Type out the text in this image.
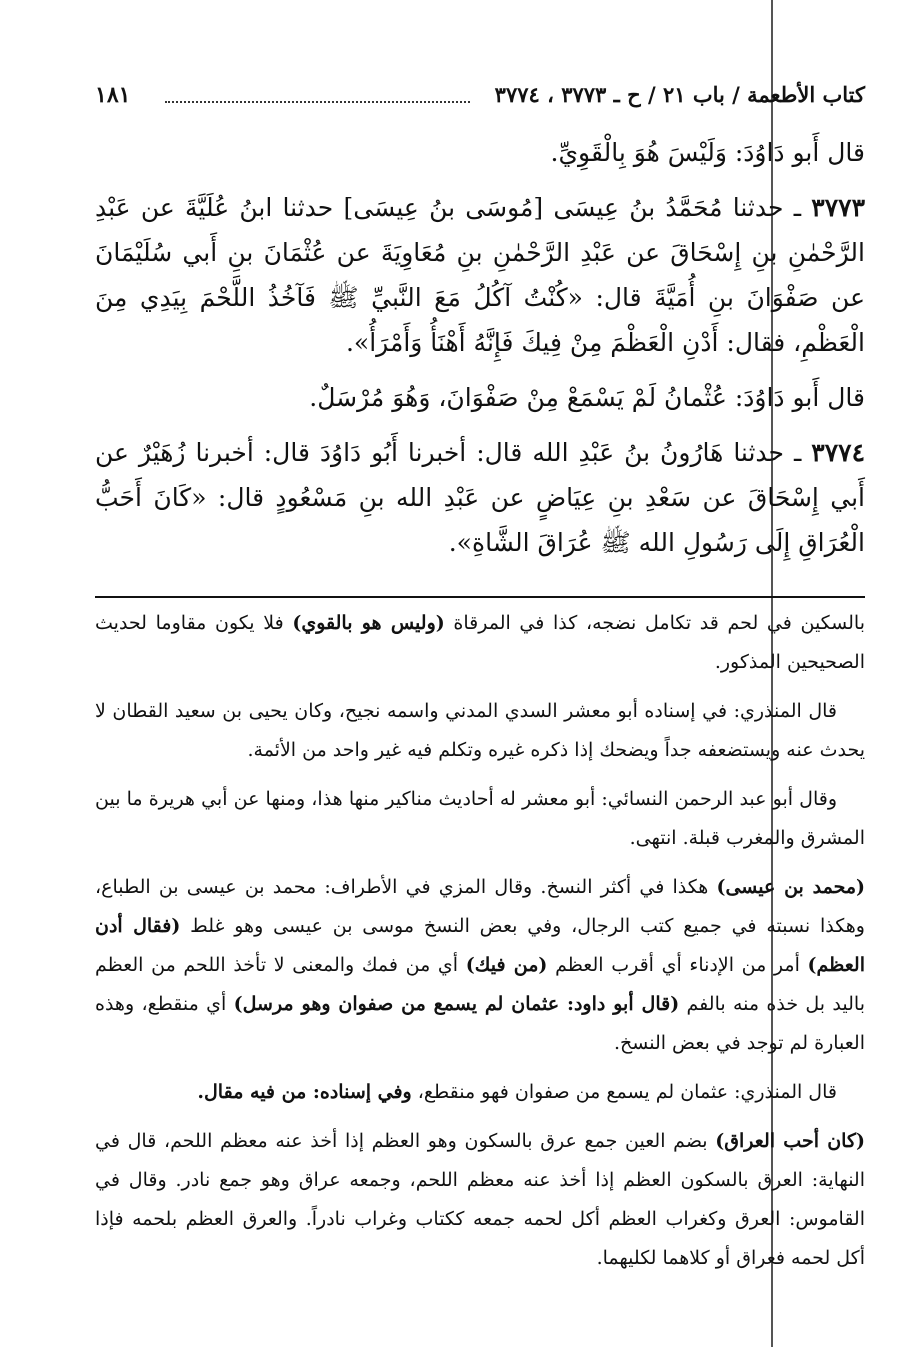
كتاب الأطعمة / باب ٢١ / ح ـ ٣٧٧٣ ، ٣٧٧٤
١٨١

قال أَبو دَاوُدَ: وَلَيْسَ هُوَ بِالْقَوِيِّ.

٣٧٧٣ ـ حدثنا مُحَمَّدُ بنُ عِيسَى [مُوسَى بنُ عِيسَى] حدثنا ابنُ عُلَيَّةَ عن عَبْدِ الرَّحْمٰنِ بنِ إِسْحَاقَ عن عَبْدِ الرَّحْمٰنِ بنِ مُعَاوِيَةَ عن عُثْمَانَ بنِ أَبي سُلَيْمَانَ عن صَفْوَانَ بنِ أُمَيَّةَ قال: «كُنْتُ آكُلُ مَعَ النَّبيِّ ﷺ فَآخُذُ اللَّحْمَ بِيَدِي مِنَ الْعَظْمِ، فقال: أَدْنِ الْعَظْمَ مِنْ فِيكَ فَإِنَّهُ أَهْنَأُ وَأَمْرَأُ».

قال أَبو دَاوُدَ: عُثْمانُ لَمْ يَسْمَعْ مِنْ صَفْوَانَ، وَهُوَ مُرْسَلٌ.

٣٧٧٤ ـ حدثنا هَارُونُ بنُ عَبْدِ الله قال: أخبرنا أَبُو دَاوُدَ قال: أخبرنا زُهَيْرٌ عن أَبي إِسْحَاقَ عن سَعْدِ بنِ عِيَاضٍ عن عَبْدِ الله بنِ مَسْعُودٍ قال: «كَانَ أَحَبُّ الْعُرَاقِ إِلَى رَسُولِ الله ﷺ عُرَاقَ الشَّاةِ».

بالسكين في لحم قد تكامل نضجه، كذا في المرقاة (وليس هو بالقوي) فلا يكون مقاوما لحديث الصحيحين المذكور.

قال المنذري: في إسناده أبو معشر السدي المدني واسمه نجيح، وكان يحيى بن سعيد القطان لا يحدث عنه ويستضعفه جداً ويضحك إذا ذكره غيره وتكلم فيه غير واحد من الأئمة.

وقال أبو عبد الرحمن النسائي: أبو معشر له أحاديث مناكير منها هذا، ومنها عن أبي هريرة ما بين المشرق والمغرب قبلة. انتهى.

(محمد بن عيسى) هكذا في أكثر النسخ. وقال المزي في الأطراف: محمد بن عيسى بن الطباع، وهكذا نسبته في جميع كتب الرجال، وفي بعض النسخ موسى بن عيسى وهو غلط (فقال أدن العظم) أمر من الإدناء أي أقرب العظم (من فيك) أي من فمك والمعنى لا تأخذ اللحم من العظم باليد بل خذه منه بالفم (قال أبو داود: عثمان لم يسمع من صفوان وهو مرسل) أي منقطع، وهذه العبارة لم توجد في بعض النسخ.

قال المنذري: عثمان لم يسمع من صفوان فهو منقطع، وفي إسناده: من فيه مقال.

(كان أحب العراق) بضم العين جمع عرق بالسكون وهو العظم إذا أخذ عنه معظم اللحم، قال في النهاية: العرق بالسكون العظم إذا أخذ عنه معظم اللحم، وجمعه عراق وهو جمع نادر. وقال في القاموس: العرق وكغراب العظم أكل لحمه جمعه ككتاب وغراب نادراً. والعرق العظم بلحمه فإذا أكل لحمه فعراق أو كلاهما لكليهما.
